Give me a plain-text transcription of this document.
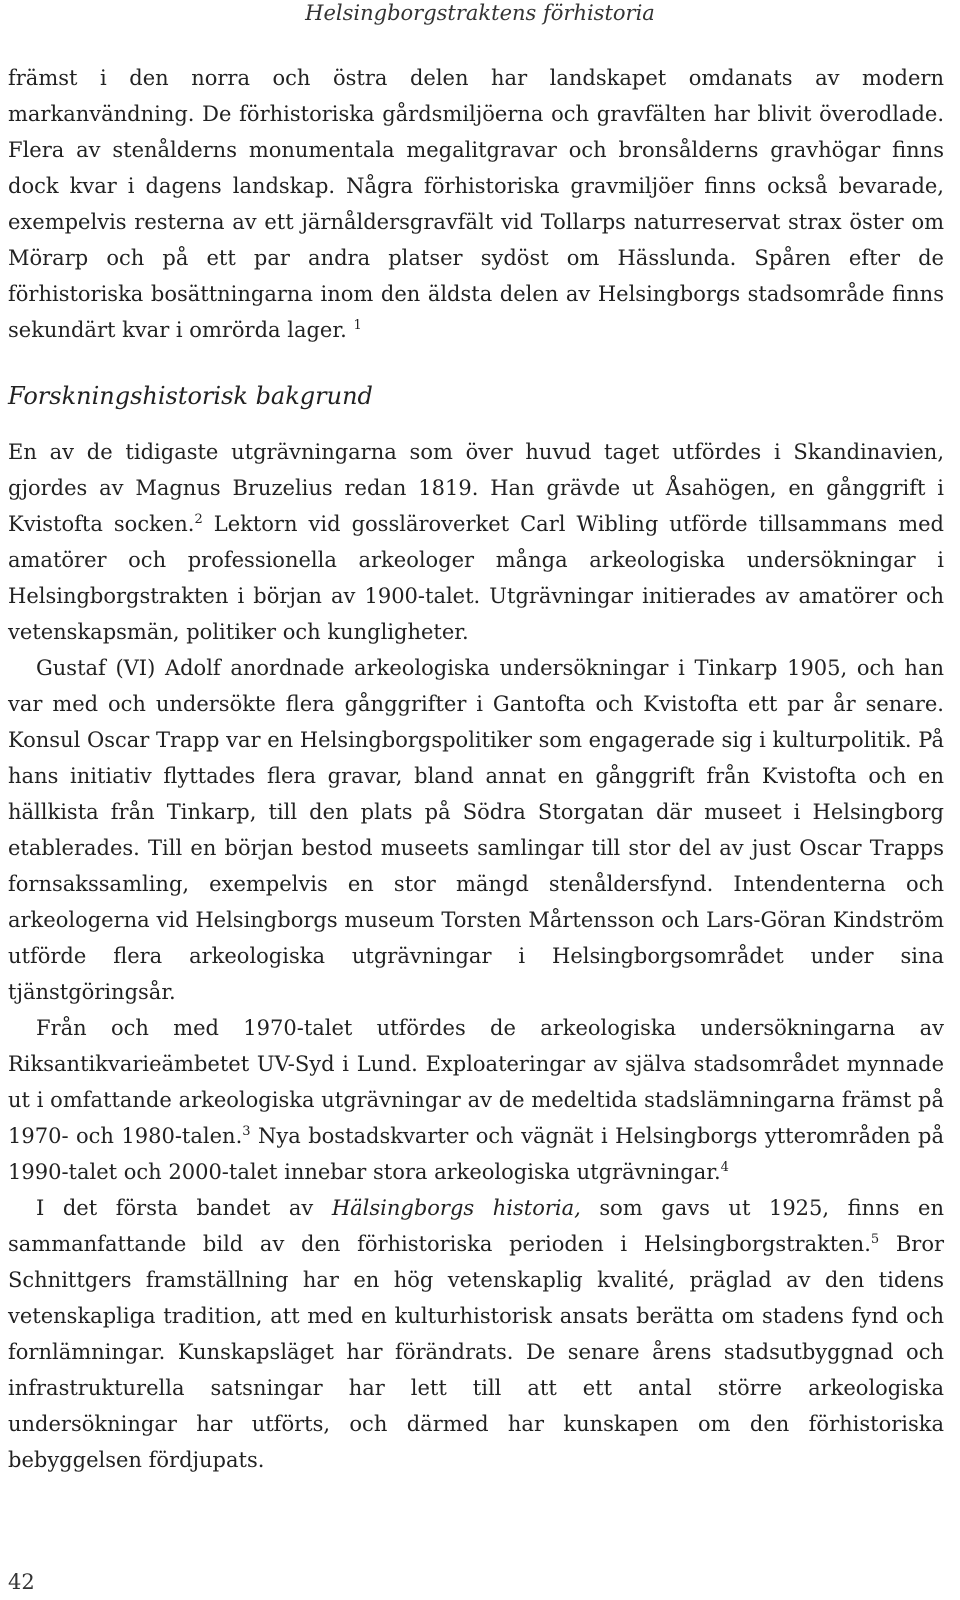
Helsingborgstraktens förhistoria

främst i den norra och östra delen har landskapet omdanats av modern markanvändning. De förhistoriska gårdsmiljöerna och gravfälten har blivit överodlade. Flera av stenålderns monumentala megalitgravar och bronsålderns gravhögar finns dock kvar i dagens landskap. Några förhistoriska gravmiljöer finns också bevarade, exempelvis resterna av ett järnåldersgravfält vid Tollarps naturreservat strax öster om Mörarp och på ett par andra platser sydöst om Hässlunda. Spåren efter de förhistoriska bosättningarna inom den äldsta delen av Helsingborgs stadsområde finns sekundärt kvar i omrörda lager. $^1$

Forskningshistorisk bakgrund

En av de tidigaste utgrävningarna som över huvud taget utfördes i Skandinavien, gjordes av Magnus Bruzelius redan 1819. Han grävde ut Åsahögen, en gånggrift i Kvistofta socken.$^2$ Lektorn vid gossläroverket Carl Wibling utförde tillsammans med amatörer och professionella arkeologer många arkeologiska undersökningar i Helsingborgstrakten i början av 1900-talet. Utgrävningar initierades av amatörer och vetenskapsmän, politiker och kungligheter.

Gustaf (VI) Adolf anordnade arkeologiska undersökningar i Tinkarp 1905, och han var med och undersökte flera gånggrifter i Gantofta och Kvistofta ett par år senare. Konsul Oscar Trapp var en Helsingborgspolitiker som engagerade sig i kulturpolitik. På hans initiativ flyttades flera gravar, bland annat en gånggrift från Kvistofta och en hällkista från Tinkarp, till den plats på Södra Storgatan där museet i Helsingborg etablerades. Till en början bestod museets samlingar till stor del av just Oscar Trapps fornsakssamling, exempelvis en stor mängd stenåldersfynd. Intendenterna och arkeologerna vid Helsingborgs museum Torsten Mårtensson och Lars-Göran Kindström utförde flera arkeologiska utgrävningar i Helsingborgsområdet under sina tjänstgöringsår.

Från och med 1970-talet utfördes de arkeologiska undersökningarna av Riksantikvarieämbetet UV-Syd i Lund. Exploateringar av själva stadsområdet mynnade ut i omfattande arkeologiska utgrävningar av de medeltida stadslämningarna främst på 1970- och 1980-talen.$^3$ Nya bostadskvarter och vägnät i Helsingborgs ytterområden på 1990-talet och 2000-talet innebar stora arkeologiska utgrävningar.$^4$

I det första bandet av Hälsingborgs historia, som gavs ut 1925, finns en sammanfattande bild av den förhistoriska perioden i Helsingborgstrakten.$^5$ Bror Schnittgers framställning har en hög vetenskaplig kvalité, präglad av den tidens vetenskapliga tradition, att med en kulturhistorisk ansats berätta om stadens fynd och fornlämningar. Kunskapsläget har förändrats. De senare årens stadsutbyggnad och infrastrukturella satsningar har lett till att ett antal större arkeologiska undersökningar har utförts, och därmed har kunskapen om den förhistoriska bebyggelsen fördjupats.

42
